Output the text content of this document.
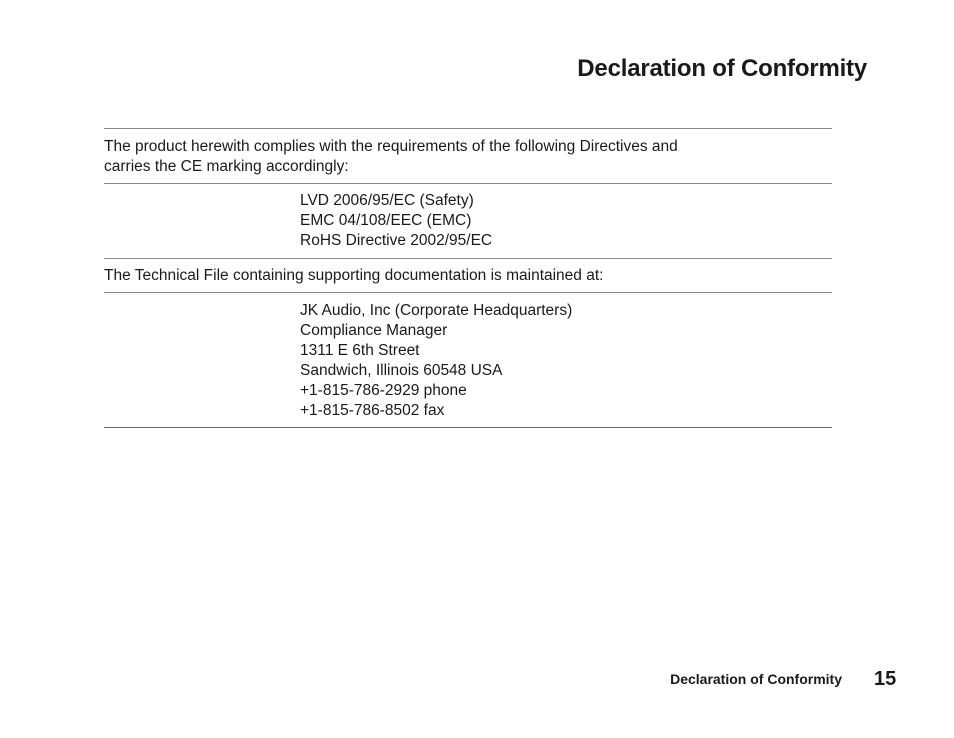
Declaration of Conformity
The product herewith complies with the requirements of the following Directives and
carries the CE marking accordingly:
LVD 2006/95/EC (Safety)
EMC 04/108/EEC (EMC)
RoHS Directive 2002/95/EC
The Technical File containing supporting documentation is maintained at:
JK Audio, Inc (Corporate Headquarters)
Compliance Manager
1311 E 6th Street
Sandwich, Illinois 60548 USA
+1-815-786-2929 phone
+1-815-786-8502 fax
Declaration of Conformity 15
